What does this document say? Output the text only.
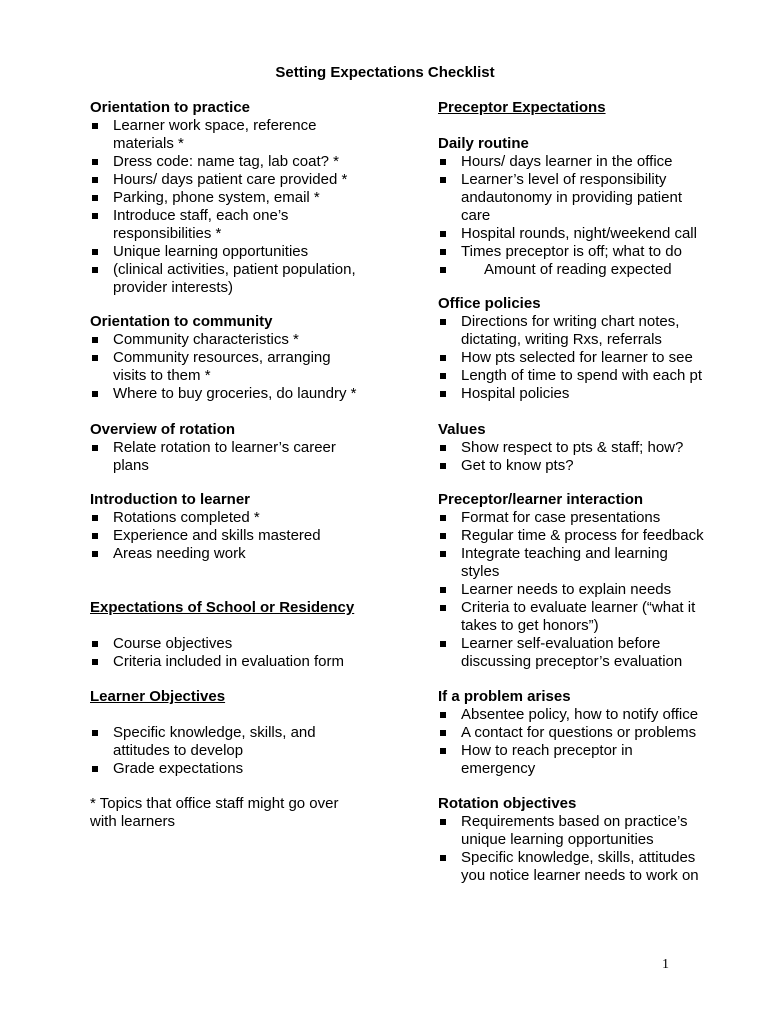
Setting Expectations Checklist
Orientation to practice
Learner work space, reference materials *
Dress code: name tag, lab coat? *
Hours/ days patient care provided *
Parking, phone system, email *
Introduce staff, each one’s responsibilities *
Unique learning opportunities
(clinical activities, patient population, provider interests)
Orientation to community
Community characteristics *
Community resources, arranging visits to them *
Where to buy groceries, do laundry *
Overview of rotation
Relate rotation to learner’s career plans
Introduction to learner
Rotations completed *
Experience and skills mastered
Areas needing work
Expectations of School or Residency
Course objectives
Criteria included in evaluation form
Learner Objectives
Specific knowledge, skills, and attitudes to develop
Grade expectations
* Topics that office staff might go over with learners
Preceptor Expectations
Daily routine
Hours/ days learner in the office
Learner’s level of responsibility andautonomy in providing patient care
Hospital rounds, night/weekend call
Times preceptor is off; what to do
Amount of reading expected
Office policies
Directions for writing chart notes, dictating, writing Rxs, referrals
How pts selected for learner to see
Length of time to spend with each pt
Hospital policies
Values
Show respect to pts & staff; how?
Get to know pts?
Preceptor/learner interaction
Format for case presentations
Regular time & process for feedback
Integrate teaching and learning styles
Learner needs to explain needs
Criteria to evaluate learner (“what it takes to get honors”)
Learner self-evaluation before discussing preceptor’s evaluation
If a problem arises
Absentee policy, how to notify office
A contact for questions or problems
How to reach preceptor in emergency
Rotation objectives
Requirements based on practice’s unique learning opportunities
Specific knowledge, skills, attitudes you notice learner needs to work on
1
